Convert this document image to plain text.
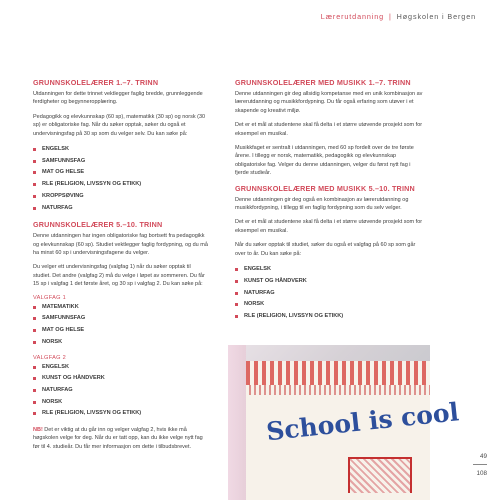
Lærerutdanning | Høgskolen i Bergen
GRUNNSKOLELÆRER 1.–7. TRINN

Utdanningen for dette trinnet vektlegger faglig bredde, grunnleggende ferdigheter og begynneropplæring.

Pedagogikk og elevkunnskap (60 sp), matematikk (30 sp) og norsk (30 sp) er obligatoriske fag. Når du søker opptak, søker du også et undervisningsfag på 30 sp som du velger selv. Du kan søke på:

ENGELSK
SAMFUNNSFAG
MAT OG HELSE
RLE (RELIGION, LIVSSYN OG ETIKK)
KROPPSØVING
NATURFAG
GRUNNSKOLELÆRER 5.–10. TRINN

Denne utdanningen har ingen obligatoriske fag bortsett fra pedagogikk og elevkunnskap (60 sp). Studiet vektlegger faglig fordypning, og du må ha minst 60 sp i undervisningsfagene du velger.

Du velger ett undervisningsfag (valgfag 1) når du søker opptak til studiet. Det andre (valgfag 2) må du velge i løpet av sommeren. Du får 15 sp i valgfag 1 det første året, og 30 sp i valgfag 2. Du kan søke på:

VALGFAG 1
MATEMATIKK
SAMFUNNSFAG
MAT OG HELSE
NORSK
VALGFAG 2
ENGELSK
KUNST OG HÅNDVERK
NATURFAG
NORSK
RLE (RELIGION, LIVSSYN OG ETIKK)

NB! Det er viktig at du går inn og velger valgfag 2, hvis ikke må høgskolen velge for deg. Når du er tatt opp, kan du ikke velge nytt fag før til 4. studieår. Du får mer informasjon om dette i tilbudsbrevet.

GRUNNSKOLELÆRER MED MUSIKK 1.–7. TRINN

Denne utdanningen gir deg allsidig kompetanse med en unik kombinasjon av lærerutdanning og musikkfordypning. Du får også erfaring som utøver i et skapende og kreativt miljø.

Det er et mål at studentene skal få delta i et større utøvende prosjekt som for eksempel en musikal.

Musikkfaget er sentralt i utdanningen, med 60 sp fordelt over de tre første årene. I tillegg er norsk, matematikk, pedagogikk og elevkunnskap obligatoriske fag. Velger du denne utdanningen, velger du først nytt fag i fjerde studieår.

GRUNNSKOLELÆRER MED MUSIKK 5.–10. TRINN

Denne utdanningen gir deg også en kombinasjon av lærerutdanning og musikkfordypning, i tillegg til en faglig fordypning som du selv velger.

Det er et mål at studentene skal få delta i et større utøvende prosjekt som for eksempel en musikal.

Når du søker opptak til studiet, søker du også et valgfag på 60 sp som går over to år. Du kan søke på:

ENGELSK
KUNST OG HÅNDVERK
NATURFAG
NORSK
RLE (RELIGION, LIVSSYN OG ETIKK)
School is cool
49
108
